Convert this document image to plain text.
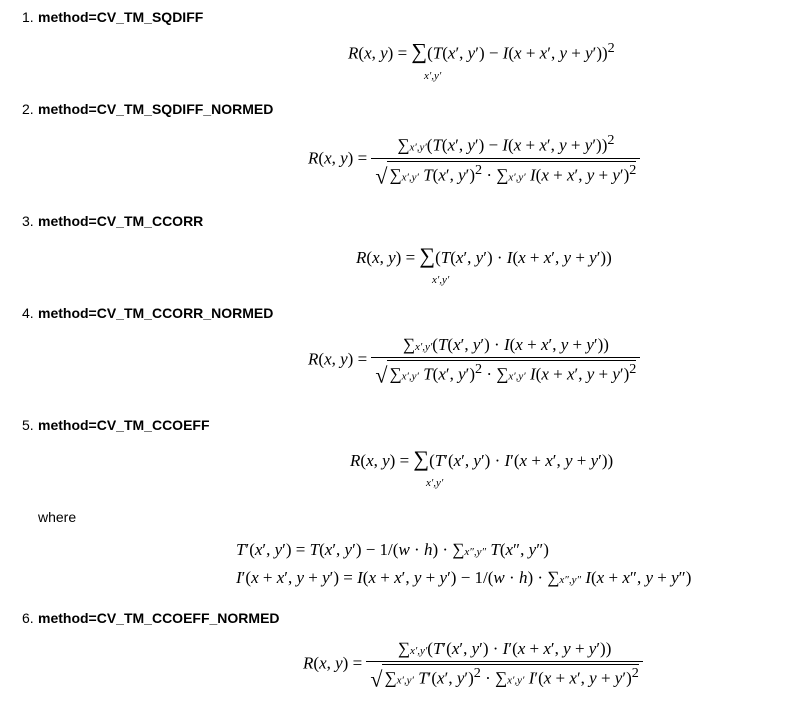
1. method=CV_TM_SQDIFF
R(x, y) = ∑(T(x′, y′) − I(x + x′, y + y′))$^2$
x′,y′
2. method=CV_TM_SQDIFF_NORMED
R(x, $y) = \frac{\sum x',y'(T(x', y') - I(x + x', y + y'))^2}{√ \sum x',y' T(x', y')^2 \cdot \sum x',y' I(x + x', y + y')^2}$
3. method=CV_TM_CCORR
R(x, y) = ∑(T(x′, y′) · I(x + x′, y + y′))
x′,y′
4. method=CV_TM_CCORR_NORMED
R(x, $y) = \frac{\sum x',y'(T(x', y') \cdot I(x + x', y + y'))}{√ \sum x',y' T(x', y')^2 \cdot \sum x',y' I(x + x', y + y')^2}$
5. method=CV_TM_CCOEFF
R(x, y) = ∑(T′(x′, y′) · I′(x + x′, y + y′))
x′,y′
where
T′(x′, y′) = T(x′, y′) − 1/(w · h) · ∑x″,y″ T(x″, y″)
I′(x + x′, y + y′) = I(x + x′, y + y′) − 1/(w · h) · ∑x″,y″ I(x + x″, y + y″)
6. method=CV_TM_CCOEFF_NORMED
R(x, $y) = \frac{\sum x',y'(T'(x', y') \cdot I'(x + x', y + y'))}{√ \sum x',y' T'(x', y')^2 \cdot \sum x',y' I'(x + x', y + y')^2}$
